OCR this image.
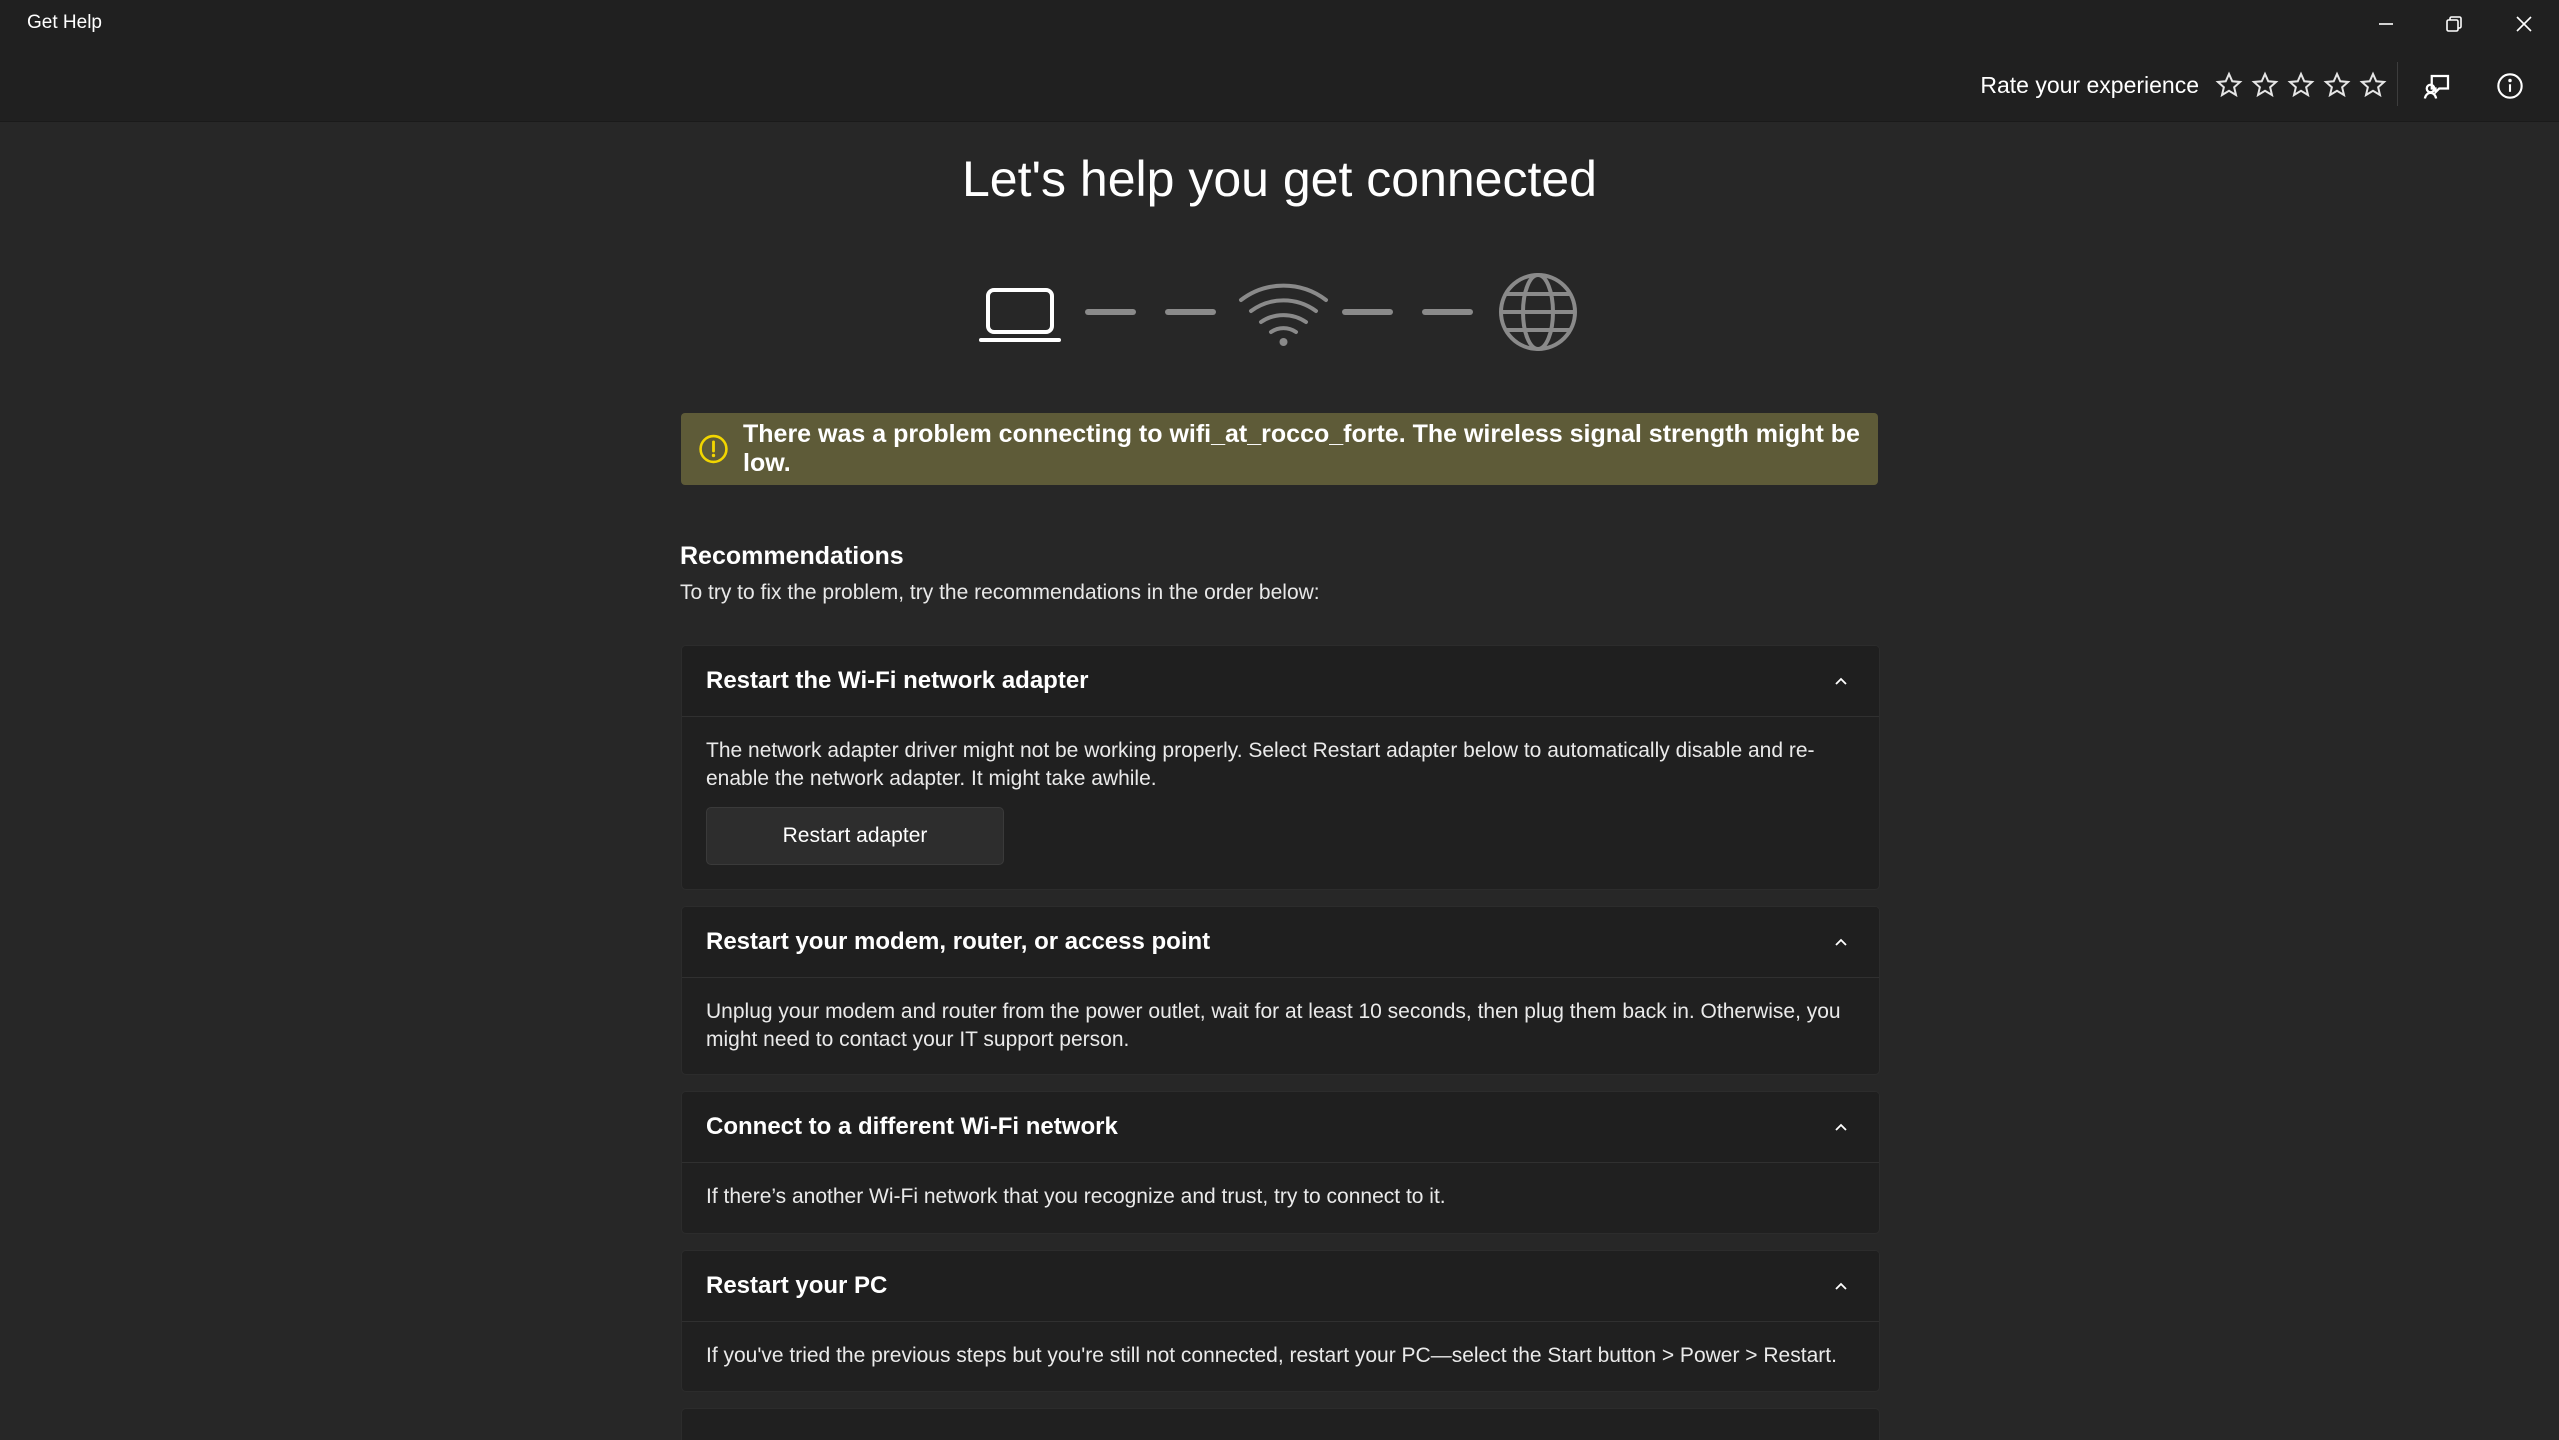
Get Help
Rate your experience
Let's help you get connected
There was a problem connecting to wifi_at_rocco_forte. The wireless signal strength might be low.
Recommendations
To try to fix the problem, try the recommendations in the order below:
Restart the Wi-Fi network adapter
The network adapter driver might not be working properly. Select Restart adapter below to automatically disable and re-enable the network adapter. It might take awhile.
Restart adapter
Restart your modem, router, or access point
Unplug your modem and router from the power outlet, wait for at least 10 seconds, then plug them back in. Otherwise, you might need to contact your IT support person.
Connect to a different Wi-Fi network
If there’s another Wi-Fi network that you recognize and trust, try to connect to it.
Restart your PC
If you've tried the previous steps but you're still not connected, restart your PC—select the Start button > Power > Restart.
